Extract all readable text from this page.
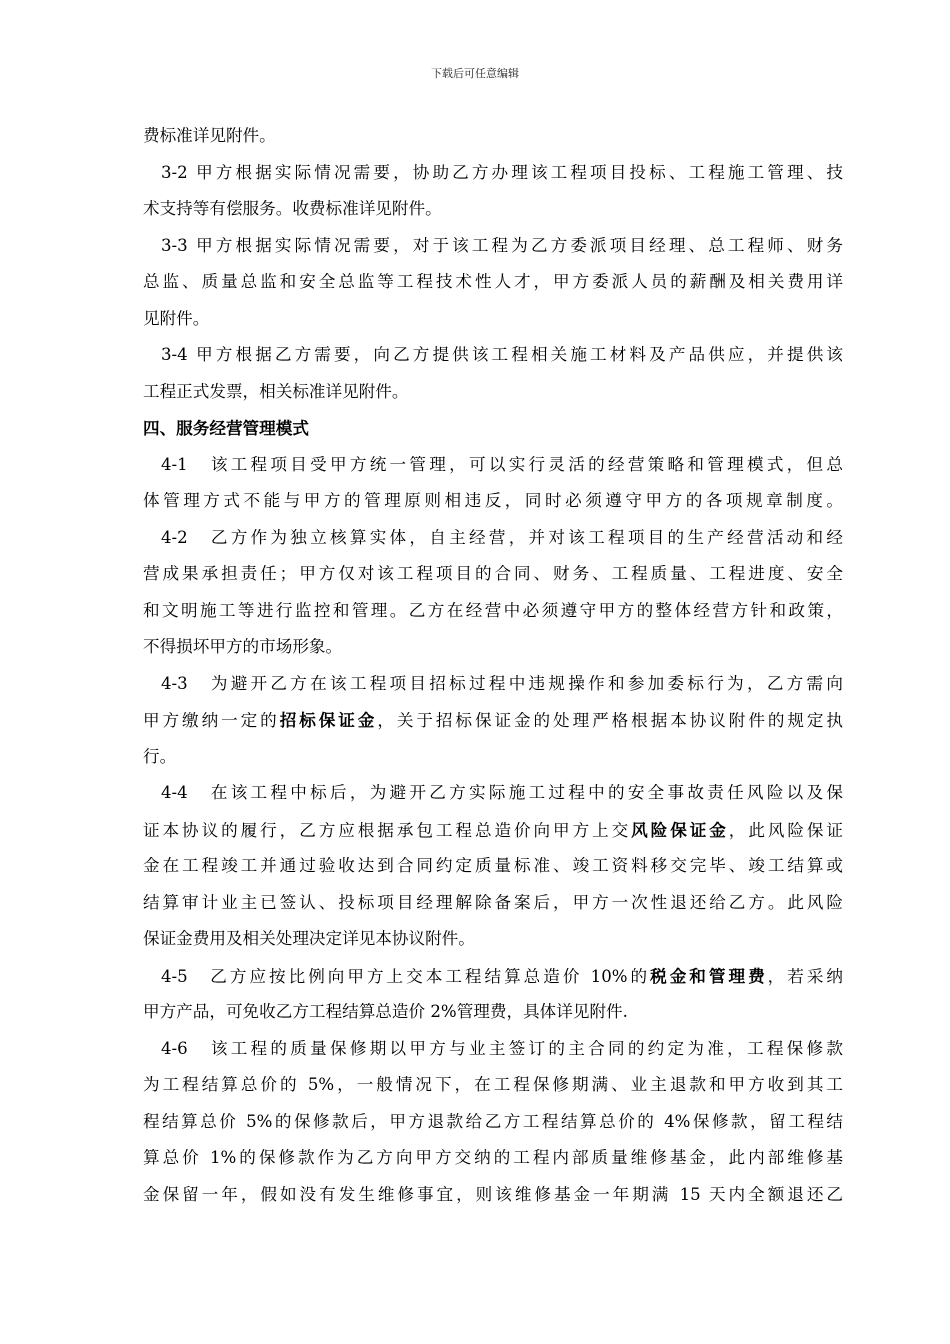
下载后可任意编辑
费标准详见附件。
3-2 甲方根据实际情况需要，协助乙方办理该工程项目投标、工程施工管理、技
术支持等有偿服务。收费标准详见附件。
3-3 甲方根据实际情况需要，对于该工程为乙方委派项目经理、总工程师、财务
总监、质量总监和安全总监等工程技术性人才，甲方委派人员的薪酬及相关费用详
见附件。
3-4 甲方根据乙方需要，向乙方提供该工程相关施工材料及产品供应，并提供该
工程正式发票，相关标准详见附件。
四、服务经营管理模式
4-1　该工程项目受甲方统一管理，可以实行灵活的经营策略和管理模式，但总
体管理方式不能与甲方的管理原则相违反，同时必须遵守甲方的各项规章制度。
4-2　乙方作为独立核算实体，自主经营，并对该工程项目的生产经营活动和经
营成果承担责任；甲方仅对该工程项目的合同、财务、工程质量、工程进度、安全
和文明施工等进行监控和管理。乙方在经营中必须遵守甲方的整体经营方针和政策，
不得损坏甲方的市场形象。
4-3　为避开乙方在该工程项目招标过程中违规操作和参加委标行为，乙方需向
甲方缴纳一定的招标保证金，关于招标保证金的处理严格根据本协议附件的规定执
行。
4-4　在该工程中标后，为避开乙方实际施工过程中的安全事故责任风险以及保
证本协议的履行，乙方应根据承包工程总造价向甲方上交风险保证金，此风险保证
金在工程竣工并通过验收达到合同约定质量标准、竣工资料移交完毕、竣工结算或
结算审计业主已签认、投标项目经理解除备案后，甲方一次性退还给乙方。此风险
保证金费用及相关处理决定详见本协议附件。
4-5　乙方应按比例向甲方上交本工程结算总造价 10%的税金和管理费，若采纳
甲方产品，可免收乙方工程结算总造价 2%管理费，具体详见附件.
4-6　该工程的质量保修期以甲方与业主签订的主合同的约定为准，工程保修款
为工程结算总价的 5%，一般情况下，在工程保修期满、业主退款和甲方收到其工
程结算总价 5%的保修款后，甲方退款给乙方工程结算总价的 4%保修款，留工程结
算总价 1%的保修款作为乙方向甲方交纳的工程内部质量维修基金，此内部维修基
金保留一年，假如没有发生维修事宜，则该维修基金一年期满 15 天内全额退还乙
